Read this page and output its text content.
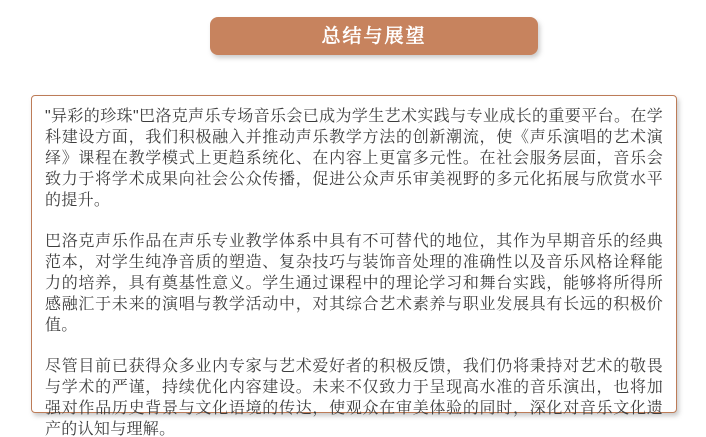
总结与展望

"异彩的珍珠"巴洛克声乐专场音乐会已成为学生艺术实践与专业成长的重要平台。在学科建设方面，我们积极融入并推动声乐教学方法的创新潮流，使《声乐演唱的艺术演绎》课程在教学模式上更趋系统化、在内容上更富多元性。在社会服务层面，音乐会致力于将学术成果向社会公众传播，促进公众声乐审美视野的多元化拓展与欣赏水平的提升。

巴洛克声乐作品在声乐专业教学体系中具有不可替代的地位，其作为早期音乐的经典范本，对学生纯净音质的塑造、复杂技巧与装饰音处理的准确性以及音乐风格诠释能力的培养，具有奠基性意义。学生通过课程中的理论学习和舞台实践，能够将所得所感融汇于未来的演唱与教学活动中，对其综合艺术素养与职业发展具有长远的积极价值。

尽管目前已获得众多业内专家与艺术爱好者的积极反馈，我们仍将秉持对艺术的敬畏与学术的严谨，持续优化内容建设。未来不仅致力于呈现高水准的音乐演出，也将加强对作品历史背景与文化语境的传达，使观众在审美体验的同时，深化对音乐文化遗产的认知与理解。
